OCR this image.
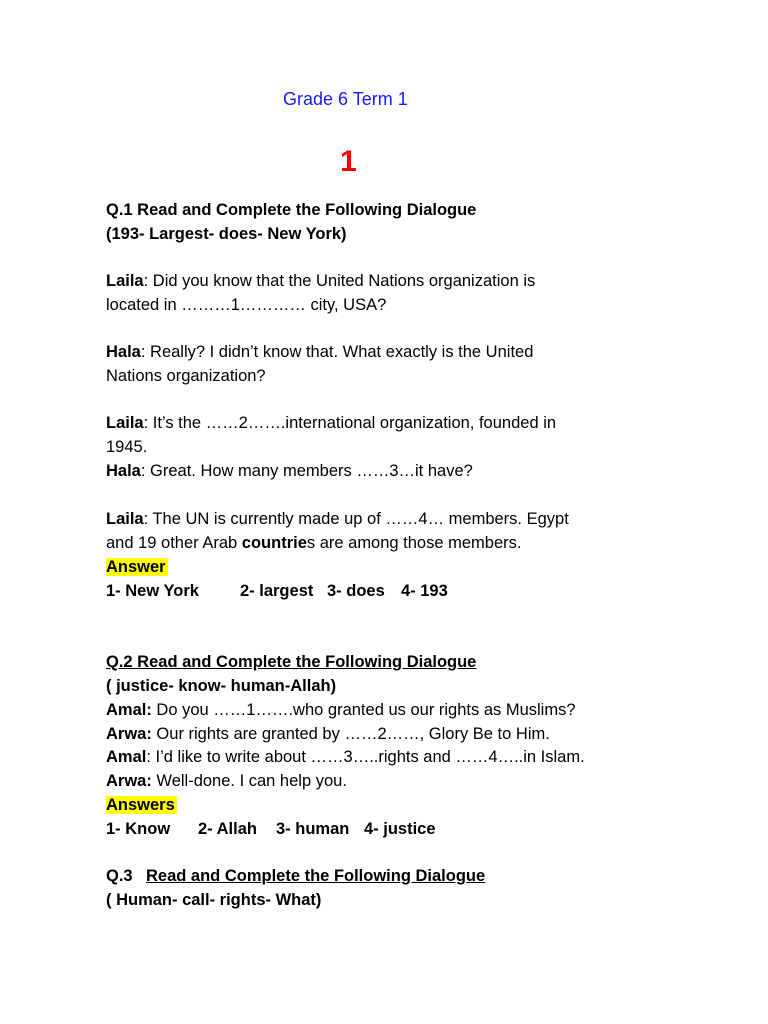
Grade 6 Term 1
1
Q.1 Read and Complete the Following Dialogue
(193- Largest- does- New York)
Laila: Did you know that the United Nations organization is
located in ………1………… city, USA?
Hala: Really? I didn’t know that. What exactly is the United
Nations organization?
Laila: It’s the ……2…….international organization, founded in
1945.
Hala: Great. How many members ……3…it have?
Laila: The UN is currently made up of ……4… members. Egypt
and 19 other Arab countries are among those members.
Answer
1- New York 2- largest 3- does 4- 193
Q.2 Read and Complete the Following Dialogue
( justice- know- human-Allah)
Amal: Do you ……1…….who granted us our rights as Muslims?
Arwa: Our rights are granted by ……2……, Glory Be to Him.
Amal: I’d like to write about ……3…..rights and ……4…..in Islam.
Arwa: Well-done. I can help you.
Answers
1- Know 2- Allah 3- human 4- justice
Q.3 Read and Complete the Following Dialogue
( Human- call- rights- What)
